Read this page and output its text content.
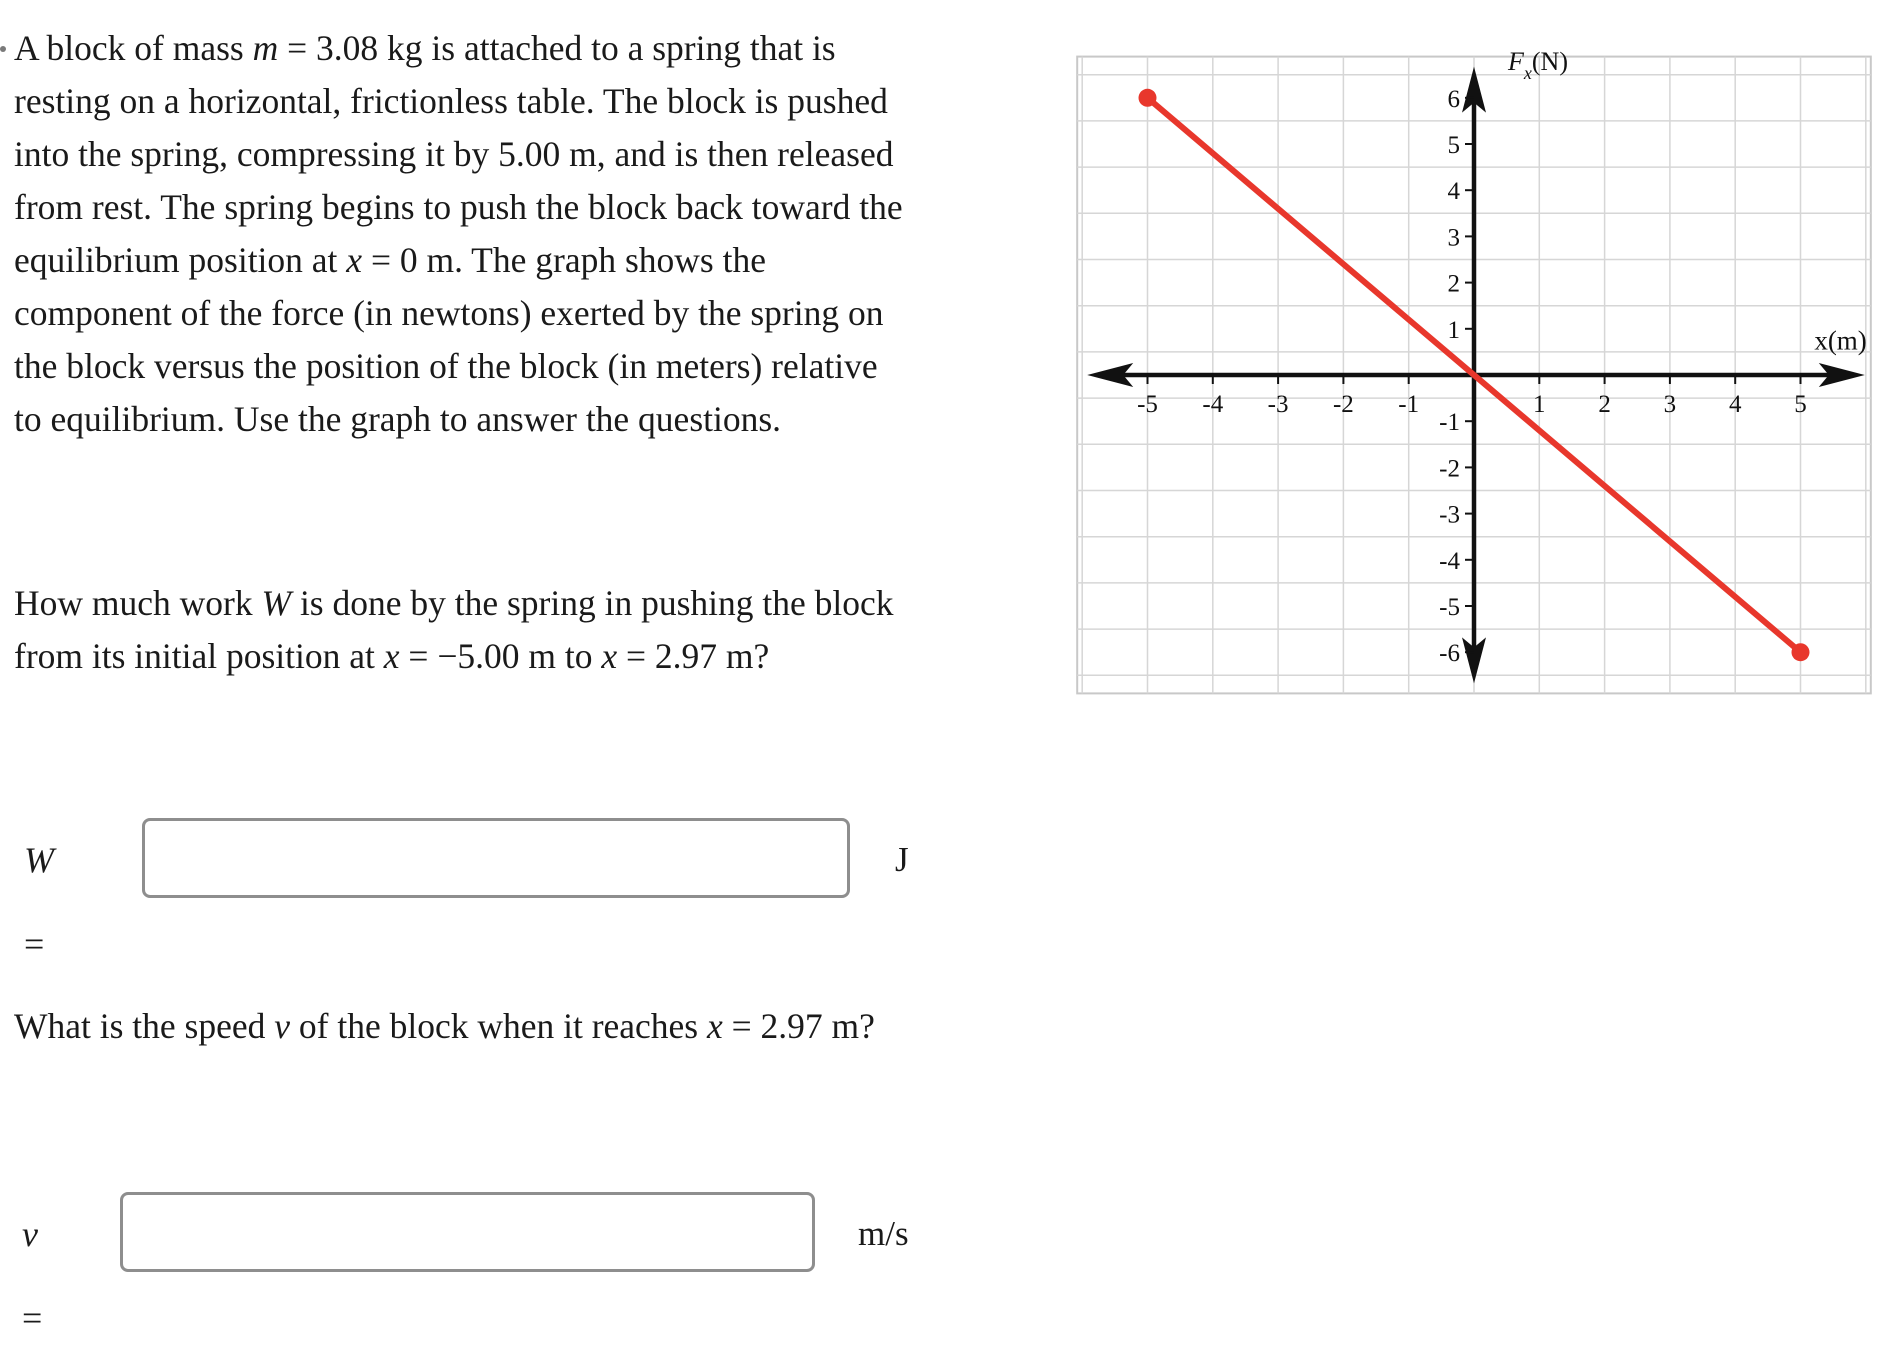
A block of mass m = 3.08 kg is attached to a spring that is resting on a horizontal, frictionless table. The block is pushed into the spring, compressing it by 5.00 m, and is then released from rest. The spring begins to push the block back toward the equilibrium position at x = 0 m. The graph shows the component of the force (in newtons) exerted by the spring on the block versus the position of the block (in meters) relative to equilibrium. Use the graph to answer the questions.
How much work W is done by the spring in pushing the block from its initial position at x = −5.00 m to x = 2.97 m?
W =
J
What is the speed v of the block when it reaches x = 2.97 m?
v =
m/s
-5 -4 -3 -2 -1	1 2 3 4 5
6
5
4
3
2
1
-1
-2
-3
-4
-5
-6
$F_x(N)$
x(m)
